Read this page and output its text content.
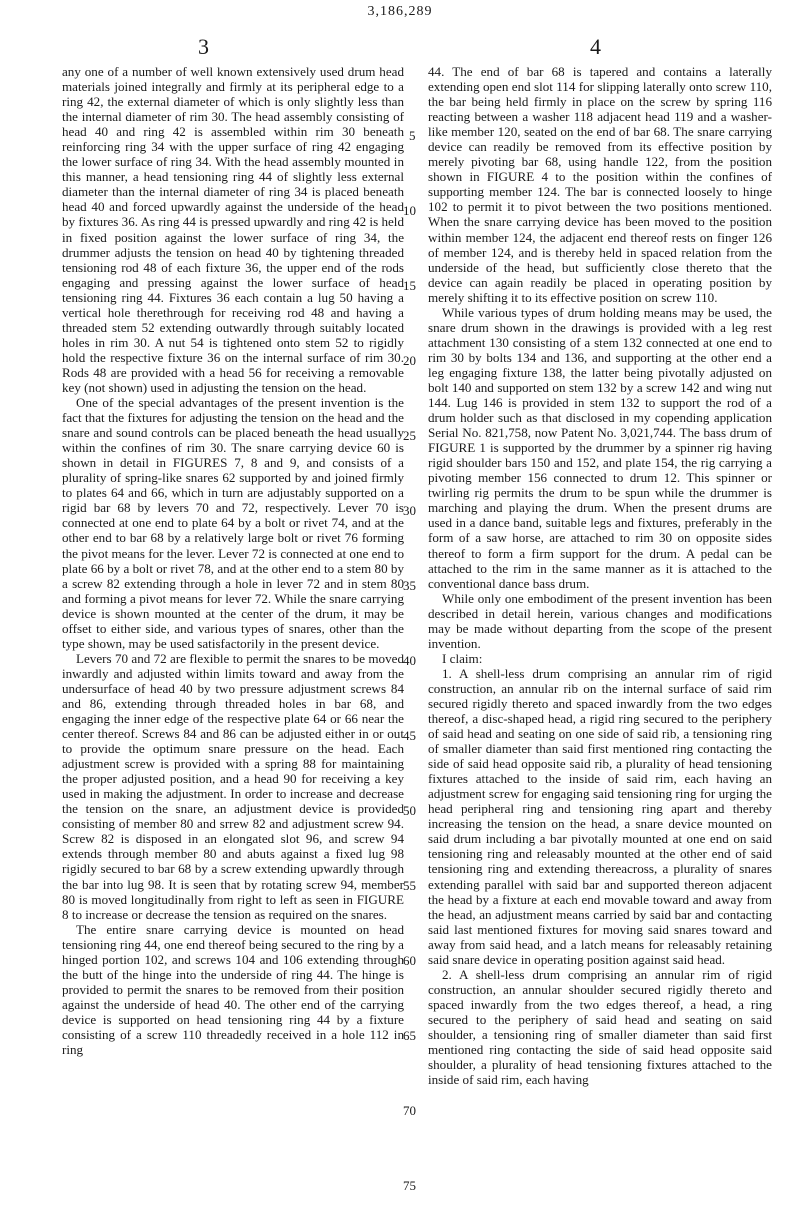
3,186,289
3	4

any one of a number of well known extensively used drum head materials joined integrally and firmly at its peripheral edge to a ring 42, the external diameter of which is only slightly less than the internal diameter of rim 30. The head assembly consisting of head 40 and ring 42 is assembled within rim 30 beneath reinforcing ring 34 with the upper surface of ring 42 engaging the lower surface of ring 34. With the head assembly mounted in this manner, a head tensioning ring 44 of slightly less external diameter than the internal diameter of ring 34 is placed beneath head 40 and forced upwardly against the underside of the head by fixtures 36. As ring 44 is pressed upwardly and ring 42 is held in fixed position against the lower surface of ring 34, the drummer adjusts the tension on head 40 by tightening threaded tensioning rod 48 of each fixture 36, the upper end of the rods engaging and pressing against the lower surface of head tensioning ring 44. Fixtures 36 each contain a lug 50 having a vertical hole therethrough for receiving rod 48 and having a threaded stem 52 extending outwardly through suitably located holes in rim 30. A nut 54 is tightened onto stem 52 to rigidly hold the respective fixture 36 on the internal surface of rim 30. Rods 48 are provided with a head 56 for receiving a removable key (not shown) used in adjusting the tension on the head.

One of the special advantages of the present invention is the fact that the fixtures for adjusting the tension on the head and the snare and sound controls can be placed beneath the head usually within the confines of rim 30. The snare carrying device 60 is shown in detail in FIGURES 7, 8 and 9, and consists of a plurality of spring-like snares 62 supported by and joined firmly to plates 64 and 66, which in turn are adjustably supported on a rigid bar 68 by levers 70 and 72, respectively. Lever 70 is connected at one end to plate 64 by a bolt or rivet 74, and at the other end to bar 68 by a relatively large bolt or rivet 76 forming the pivot means for the lever. Lever 72 is connected at one end to plate 66 by a bolt or rivet 78, and at the other end to a stem 80 by a screw 82 extending through a hole in lever 72 and in stem 80 and forming a pivot means for lever 72. While the snare carrying device is shown mounted at the center of the drum, it may be offset to either side, and various types of snares, other than the type shown, may be used satisfactorily in the present device.

Levers 70 and 72 are flexible to permit the snares to be moved inwardly and adjusted within limits toward and away from the undersurface of head 40 by two pressure adjustment screws 84 and 86, extending through threaded holes in bar 68, and engaging the inner edge of the respective plate 64 or 66 near the center thereof. Screws 84 and 86 can be adjusted either in or out to provide the optimum snare pressure on the head. Each adjustment screw is provided with a spring 88 for maintaining the proper adjusted position, and a head 90 for receiving a key used in making the adjustment. In order to increase and decrease the tension on the snare, an adjustment device is provided consisting of member 80 and srrew 82 and adjustment screw 94. Screw 82 is disposed in an elongated slot 96, and screw 94 extends through member 80 and abuts against a fixed lug 98 rigidly secured to bar 68 by a screw extending upwardly through the bar into lug 98. It is seen that by rotating screw 94, member 80 is moved longitudinally from right to left as seen in FIGURE 8 to increase or decrease the tension as required on the snares.

The entire snare carrying device is mounted on head tensioning ring 44, one end thereof being secured to the ring by a hinged portion 102, and screws 104 and 106 extending through the butt of the hinge into the underside of ring 44. The hinge is provided to permit the snares to be removed from their position against the underside of head 40. The other end of the carrying device is supported on head tensioning ring 44 by a fixture consisting of a screw 110 threadedly received in a hole 112 in ring

5
10
15
20
25
30
35
40
45
50
55
60
65
70
75

44. The end of bar 68 is tapered and contains a laterally extending open end slot 114 for slipping laterally onto screw 110, the bar being held firmly in place on the screw by spring 116 reacting between a washer 118 adjacent head 119 and a washer-like member 120, seated on the end of bar 68. The snare carrying device can readily be removed from its effective position by merely pivoting bar 68, using handle 122, from the position shown in FIGURE 4 to the position within the confines of supporting member 124. The bar is connected loosely to hinge 102 to permit it to pivot between the two positions mentioned. When the snare carrying device has been moved to the position within member 124, the adjacent end thereof rests on finger 126 of member 124, and is thereby held in spaced relation from the underside of the head, but sufficiently close thereto that the device can again readily be placed in operating position by merely shifting it to its effective position on screw 110.

While various types of drum holding means may be used, the snare drum shown in the drawings is provided with a leg rest attachment 130 consisting of a stem 132 connected at one end to rim 30 by bolts 134 and 136, and supporting at the other end a leg engaging fixture 138, the latter being pivotally adjusted on bolt 140 and supported on stem 132 by a screw 142 and wing nut 144. Lug 146 is provided in stem 132 to support the rod of a drum holder such as that disclosed in my copending application Serial No. 821,758, now Patent No. 3,021,744. The bass drum of FIGURE 1 is supported by the drummer by a spinner rig having rigid shoulder bars 150 and 152, and plate 154, the rig carrying a pivoting member 156 connected to drum 12. This spinner or twirling rig permits the drum to be spun while the drummer is marching and playing the drum. When the present drums are used in a dance band, suitable legs and fixtures, preferably in the form of a saw horse, are attached to rim 30 on opposite sides thereof to form a firm support for the drum. A pedal can be attached to the rim in the same manner as it is attached to the conventional dance bass drum.

While only one embodiment of the present invention has been described in detail herein, various changes and modifications may be made without departing from the scope of the present invention.

I claim:

1. A shell-less drum comprising an annular rim of rigid construction, an annular rib on the internal surface of said rim secured rigidly thereto and spaced inwardly from the two edges thereof, a disc-shaped head, a rigid ring secured to the periphery of said head and seating on one side of said rib, a tensioning ring of smaller diameter than said first mentioned ring contacting the side of said head opposite said rib, a plurality of head tensioning fixtures attached to the inside of said rim, each having an adjustment screw for engaging said tensioning ring for urging the head peripheral ring and tensioning ring apart and thereby increasing the tension on the head, a snare device mounted on said drum including a bar pivotally mounted at one end on said tensioning ring and releasably mounted at the other end of said tensioning ring and extending thereacross, a plurality of snares extending parallel with said bar and supported thereon adjacent the head by a fixture at each end movable toward and away from the head, an adjustment means carried by said bar and contacting said last mentioned fixtures for moving said snares toward and away from said head, and a latch means for releasably retaining said snare device in operating position against said head.

2. A shell-less drum comprising an annular rim of rigid construction, an annular shoulder secured rigidly thereto and spaced inwardly from the two edges thereof, a head, a ring secured to the periphery of said head and seating on said shoulder, a tensioning ring of smaller diameter than said first mentioned ring contacting the side of said head opposite said shoulder, a plurality of head tensioning fixtures attached to the inside of said rim, each having
